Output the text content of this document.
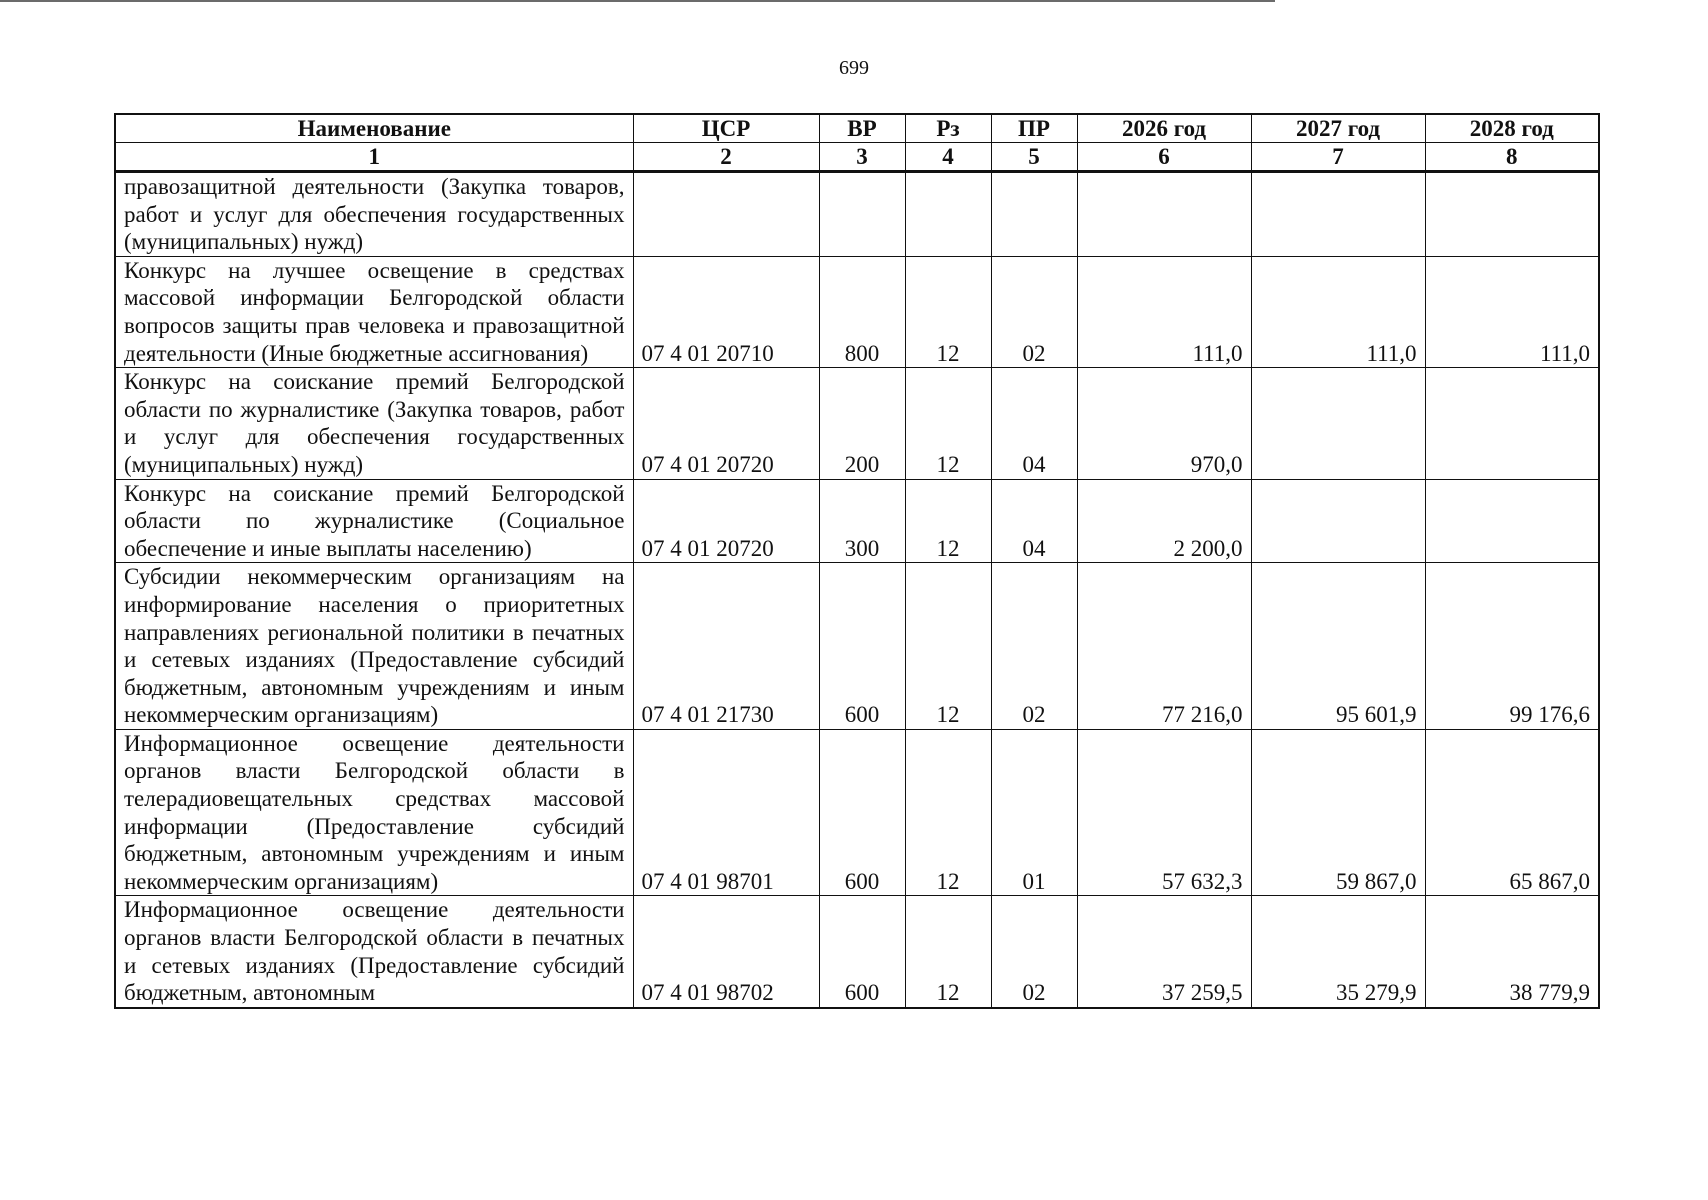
699
Наименование	ЦСР	ВР	Рз	ПР	2026 год	2027 год	2028 год
1	2	3	4	5	6	7	8
правозащитной деятельности (Закупка товаров, работ и услуг для обеспечения государственных (муниципальных) нужд)							
Конкурс на лучшее освещение в средствах массовой информации Белгородской области вопросов защиты прав человека и правозащитной деятельности (Иные бюджетные ассигнования)	07 4 01 20710	800	12	02	111,0	111,0	111,0
Конкурс на соискание премий Белгородской области по журналистике (Закупка товаров, работ и услуг для обеспечения государственных (муниципальных) нужд)	07 4 01 20720	200	12	04	970,0		
Конкурс на соискание премий Белгородской области по журналистике (Социальное обеспечение и иные выплаты населению)	07 4 01 20720	300	12	04	2 200,0		
Субсидии некоммерческим организациям на информирование населения о приоритетных направлениях региональной политики в печатных и сетевых изданиях (Предоставление субсидий бюджетным, автономным учреждениям и иным некоммерческим организациям)	07 4 01 21730	600	12	02	77 216,0	95 601,9	99 176,6
Информационное освещение деятельности органов власти Белгородской области в телерадиовещательных средствах массовой информации (Предоставление субсидий бюджетным, автономным учреждениям и иным некоммерческим организациям)	07 4 01 98701	600	12	01	57 632,3	59 867,0	65 867,0
Информационное освещение деятельности органов власти Белгородской области в печатных и сетевых изданиях (Предоставление субсидий бюджетным, автономным	07 4 01 98702	600	12	02	37 259,5	35 279,9	38 779,9
